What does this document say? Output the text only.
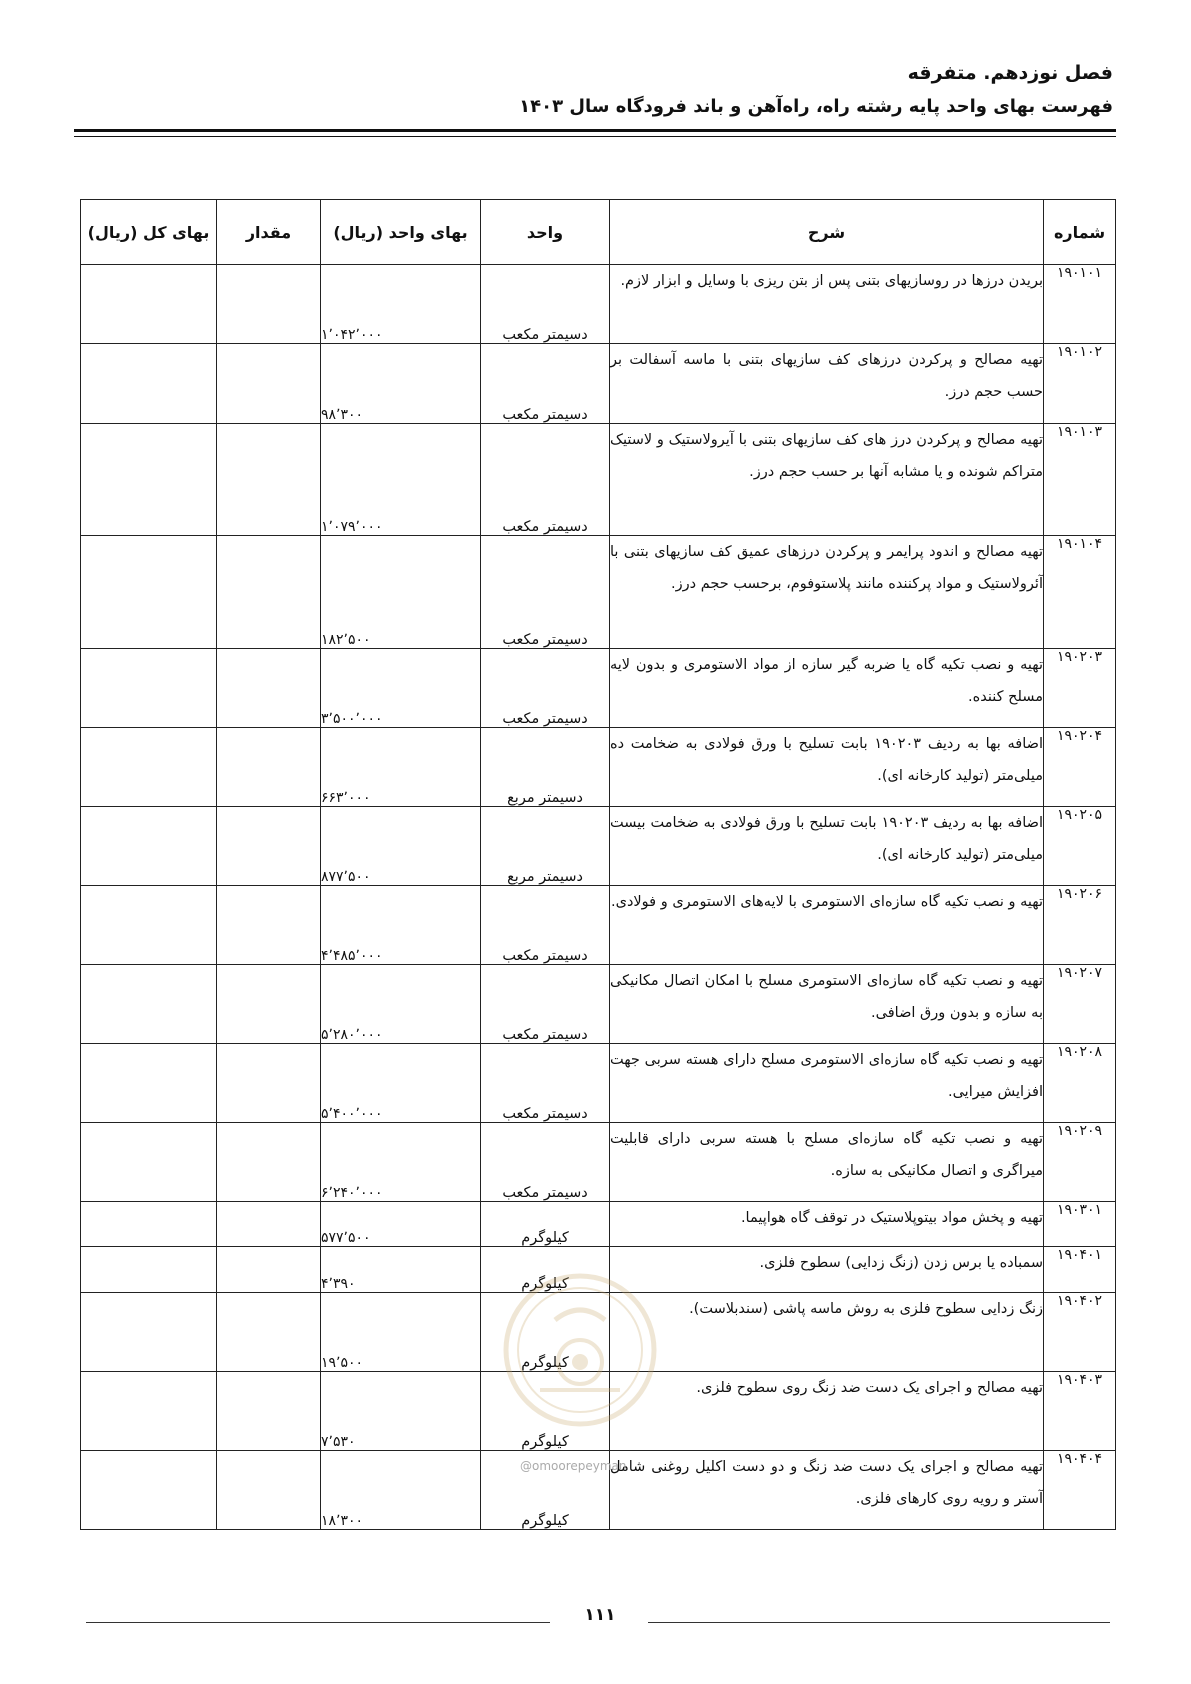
فصل نوزدهم. متفرقه
فهرست بهای واحد پایه رشته راه، راه‌آهن و باند فرودگاه سال ۱۴۰۳
شماره	شرح	واحد	بهای واحد (ریال)	مقدار	بهای کل (ریال)
۱۹۰۱۰۱	بریدن درزها در روسازیهای بتنی پس از بتن ریزی با وسایل و ابزار لازم.	دسیمتر مکعب	۱٬۰۴۲٬۰۰۰		
۱۹۰۱۰۲	تهیه مصالح و پرکردن درزهای کف سازیهای بتنی با ماسه آسفالت بر حسب حجم درز.	دسیمتر مکعب	۹۸٬۳۰۰		
۱۹۰۱۰۳	تهیه مصالح و پرکردن درز های کف سازیهای بتنی با آیرولاستیک و لاستیک متراکم شونده و یا مشابه آنها بر حسب حجم درز.	دسیمتر مکعب	۱٬۰۷۹٬۰۰۰		
۱۹۰۱۰۴	تهیه مصالح و اندود پرایمر و پرکردن درزهای عمیق کف سازیهای بتنی با آئرولاستیک و مواد پرکننده مانند پلاستوفوم، برحسب حجم درز.	دسیمتر مکعب	۱۸۲٬۵۰۰		
۱۹۰۲۰۳	تهیه و نصب تکیه گاه یا ضربه گیر سازه از مواد الاستومری و بدون لایه مسلح کننده.	دسیمتر مکعب	۳٬۵۰۰٬۰۰۰		
۱۹۰۲۰۴	اضافه بها به ردیف ۱۹۰۲۰۳ بابت تسلیح با ورق فولادی به ضخامت ده میلی‌متر (تولید کارخانه ای).	دسیمتر مربع	۶۶۳٬۰۰۰		
۱۹۰۲۰۵	اضافه بها به ردیف ۱۹۰۲۰۳ بابت تسلیح با ورق فولادی به ضخامت بیست میلی‌متر (تولید کارخانه ای).	دسیمتر مربع	۸۷۷٬۵۰۰		
۱۹۰۲۰۶	تهیه و نصب تکیه گاه سازه‌ای الاستومری با لایه‌های الاستومری و فولادی.	دسیمتر مکعب	۴٬۴۸۵٬۰۰۰		
۱۹۰۲۰۷	تهیه و نصب تکیه گاه سازه‌ای الاستومری مسلح با امکان اتصال مکانیکی به سازه و بدون ورق اضافی.	دسیمتر مکعب	۵٬۲۸۰٬۰۰۰		
۱۹۰۲۰۸	تهیه و نصب تکیه گاه سازه‌ای الاستومری مسلح دارای هسته سربی جهت افزایش میرایی.	دسیمتر مکعب	۵٬۴۰۰٬۰۰۰		
۱۹۰۲۰۹	تهیه و نصب تکیه گاه سازه‌ای مسلح با هسته سربی دارای قابلیت میراگری و اتصال مکانیکی به سازه.	دسیمتر مکعب	۶٬۲۴۰٬۰۰۰		
۱۹۰۳۰۱	تهیه و پخش مواد بیتوپلاستیک در توقف گاه هواپیما.	کیلوگرم	۵۷۷٬۵۰۰		
۱۹۰۴۰۱	سمباده یا برس زدن (زنگ زدایی) سطوح فلزی.	کیلوگرم	۴٬۳۹۰		
۱۹۰۴۰۲	زنگ زدایی سطوح فلزی به روش ماسه پاشی (سندبلاست).	کیلوگرم	۱۹٬۵۰۰		
۱۹۰۴۰۳	تهیه مصالح و اجرای یک دست ضد زنگ روی سطوح فلزی.	کیلوگرم	۷٬۵۳۰		
۱۹۰۴۰۴	تهیه مصالح و اجرای یک دست ضد زنگ و دو دست اکلیل روغنی شامل آستر و رویه روی کارهای فلزی.	کیلوگرم	۱۸٬۳۰۰		
@omoorepeyman
۱۱۱
